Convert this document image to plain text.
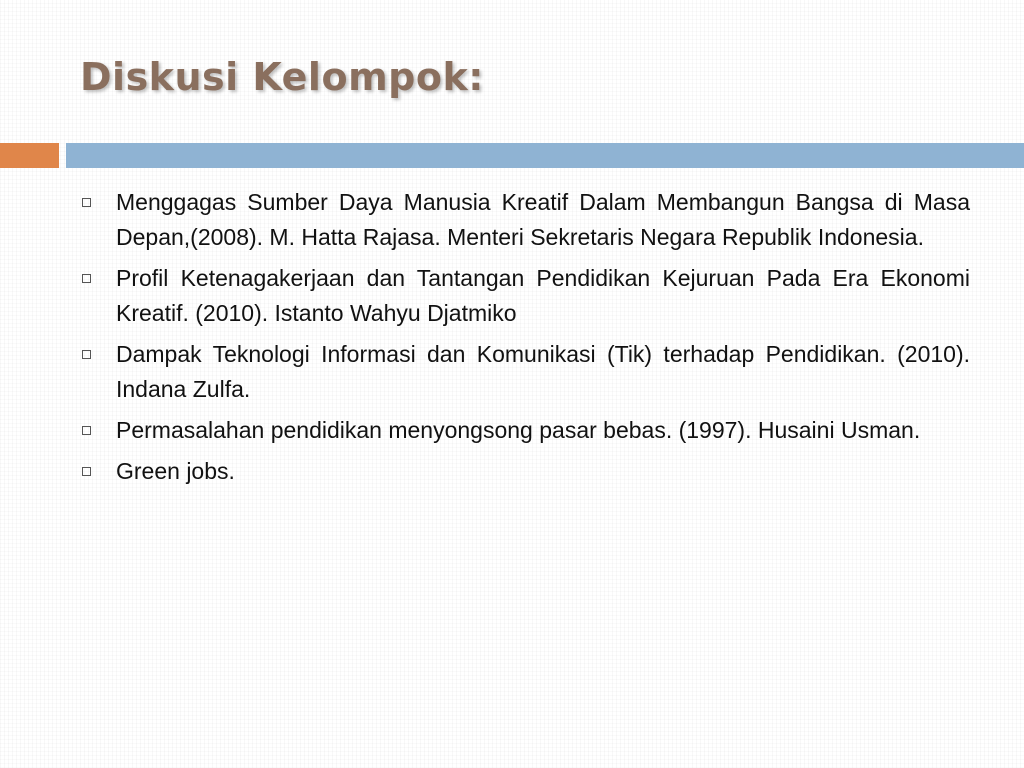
Diskusi Kelompok:
Menggagas Sumber Daya Manusia Kreatif Dalam Membangun Bangsa di Masa Depan,(2008). M. Hatta Rajasa. Menteri Sekretaris Negara Republik Indonesia.
Profil Ketenagakerjaan dan Tantangan Pendidikan Kejuruan Pada Era Ekonomi Kreatif. (2010). Istanto Wahyu Djatmiko
Dampak Teknologi Informasi dan Komunikasi (Tik) terhadap Pendidikan. (2010). Indana Zulfa.
Permasalahan pendidikan menyongsong pasar bebas. (1997). Husaini Usman.
Green jobs.
